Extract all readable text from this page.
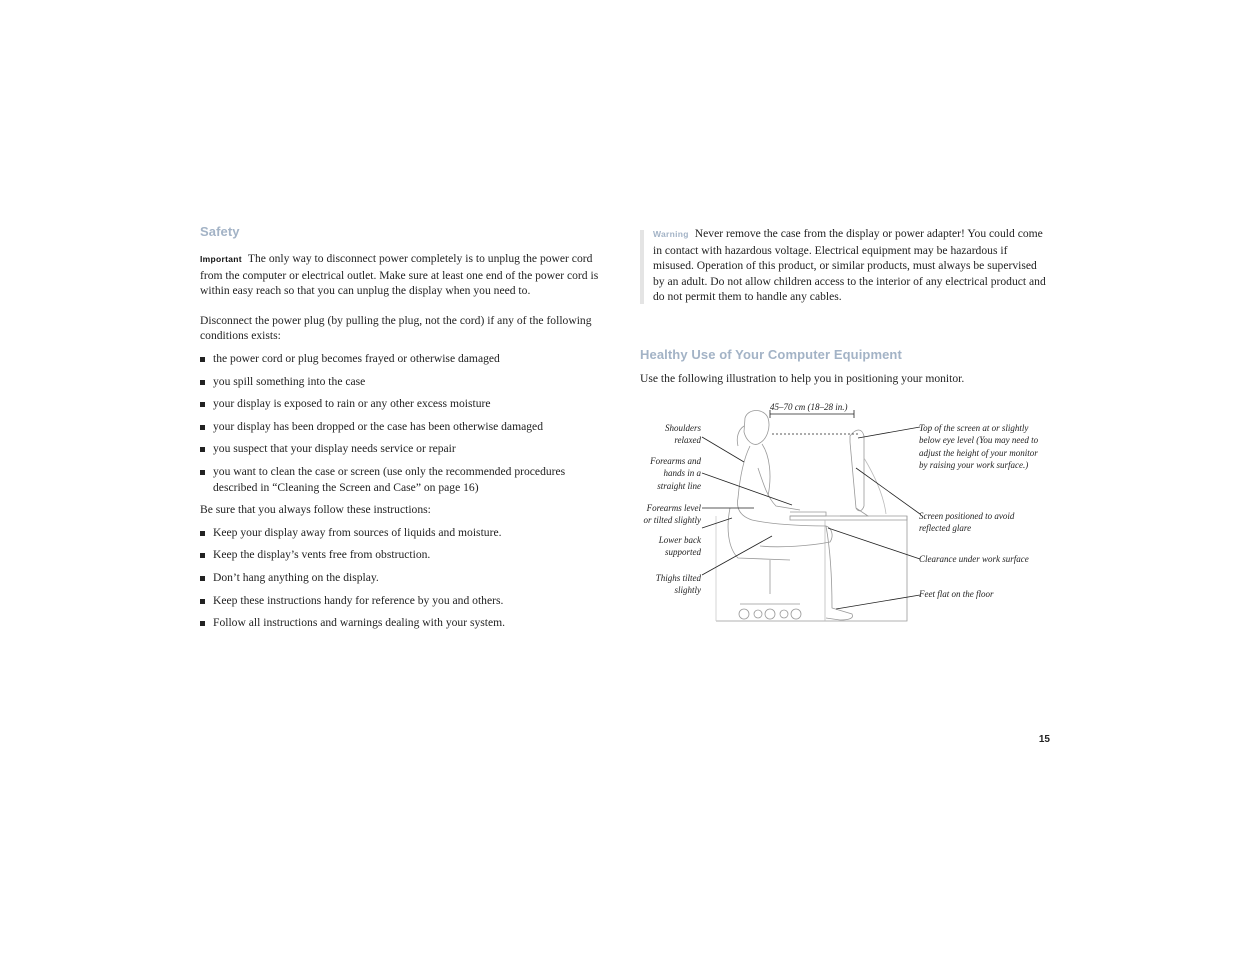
Safety

Important The only way to disconnect power completely is to unplug the power cord from the computer or electrical outlet. Make sure at least one end of the power cord is within easy reach so that you can unplug the display when you need to.

Disconnect the power plug (by pulling the plug, not the cord) if any of the following conditions exists:

the power cord or plug becomes frayed or otherwise damaged
you spill something into the case
your display is exposed to rain or any other excess moisture
your display has been dropped or the case has been otherwise damaged
you suspect that your display needs service or repair
you want to clean the case or screen (use only the recommended procedures described in “Cleaning the Screen and Case” on page 16)

Be sure that you always follow these instructions:

Keep your display away from sources of liquids and moisture.
Keep the display’s vents free from obstruction.
Don’t hang anything on the display.
Keep these instructions handy for reference by you and others.
Follow all instructions and warnings dealing with your system.

Warning Never remove the case from the display or power adapter! You could come in contact with hazardous voltage. Electrical equipment may be hazardous if misused. Operation of this product, or similar products, must always be supervised by an adult. Do not allow children access to the interior of any electrical product and do not permit them to handle any cables.

Healthy Use of Your Computer Equipment

Use the following illustration to help you in positioning your monitor.

45–70 cm (18–28 in.)
Shoulders relaxed
Forearms and hands in a straight line
Forearms level or tilted slightly
Lower back supported
Thighs tilted slightly
Top of the screen at or slightly below eye level (You may need to adjust the height of your monitor by raising your work surface.)
Screen positioned to avoid reflected glare
Clearance under work surface
Feet flat on the floor
15
